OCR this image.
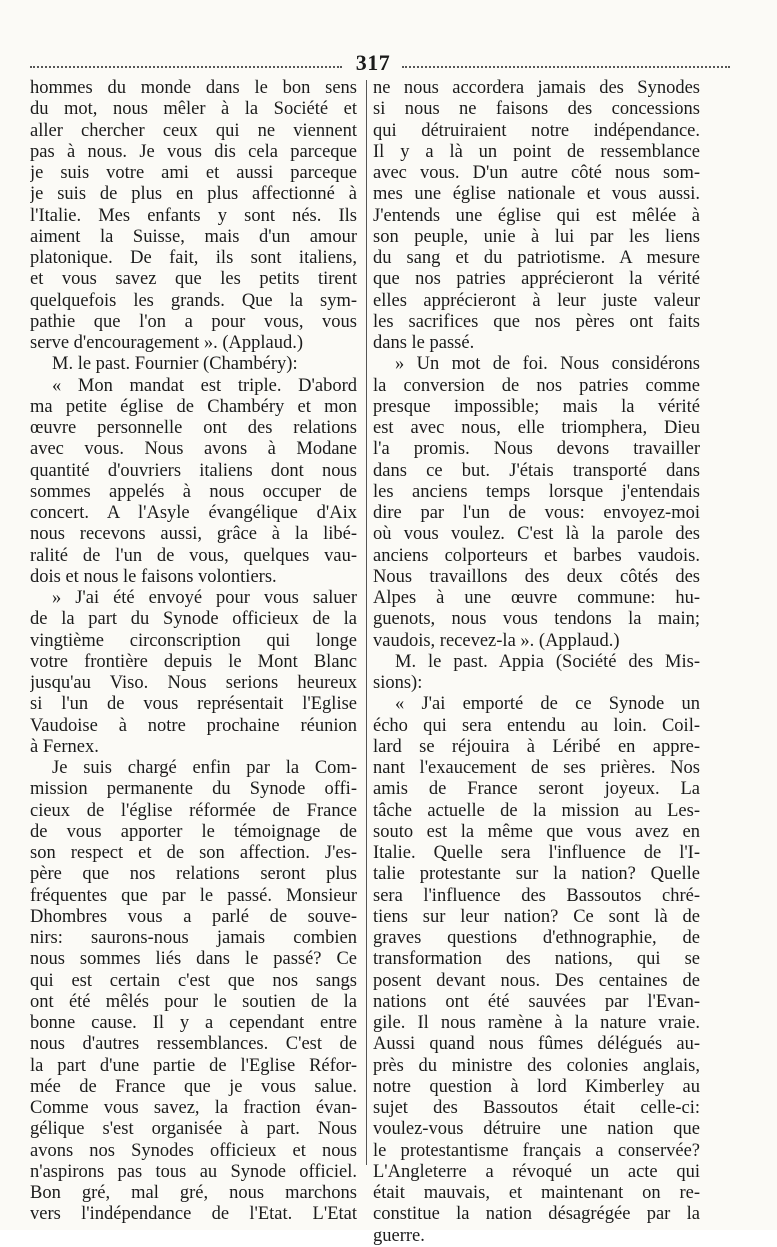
317
hommes du monde dans le bon sens
du mot, nous mêler à la Société et
aller chercher ceux qui ne viennent
pas à nous. Je vous dis cela parceque
je suis votre ami et aussi parceque
je suis de plus en plus affectionné à
l'Italie. Mes enfants y sont nés. Ils
aiment la Suisse, mais d'un amour
platonique. De fait, ils sont italiens,
et vous savez que les petits tirent
quelquefois les grands. Que la sym-
pathie que l'on a pour vous, vous
serve d'encouragement ». (Applaud.)
M. le past. Fournier (Chambéry):
« Mon mandat est triple. D'abord
ma petite église de Chambéry et mon
œuvre personnelle ont des relations
avec vous. Nous avons à Modane
quantité d'ouvriers italiens dont nous
sommes appelés à nous occuper de
concert. A l'Asyle évangélique d'Aix
nous recevons aussi, grâce à la libé-
ralité de l'un de vous, quelques vau-
dois et nous le faisons volontiers.
» J'ai été envoyé pour vous saluer
de la part du Synode officieux de la
vingtième circonscription qui longe
votre frontière depuis le Mont Blanc
jusqu'au Viso. Nous serions heureux
si l'un de vous représentait l'Eglise
Vaudoise à notre prochaine réunion
à Fernex.
Je suis chargé enfin par la Com-
mission permanente du Synode offi-
cieux de l'église réformée de France
de vous apporter le témoignage de
son respect et de son affection. J'es-
père que nos relations seront plus
fréquentes que par le passé. Monsieur
Dhombres vous a parlé de souve-
nirs: saurons-nous jamais combien
nous sommes liés dans le passé? Ce
qui est certain c'est que nos sangs
ont été mêlés pour le soutien de la
bonne cause. Il y a cependant entre
nous d'autres ressemblances. C'est de
la part d'une partie de l'Eglise Réfor-
mée de France que je vous salue.
Comme vous savez, la fraction évan-
gélique s'est organisée à part. Nous
avons nos Synodes officieux et nous
n'aspirons pas tous au Synode officiel.
Bon gré, mal gré, nous marchons
vers l'indépendance de l'Etat. L'Etat
ne nous accordera jamais des Synodes
si nous ne faisons des concessions
qui détruiraient notre indépendance.
Il y a là un point de ressemblance
avec vous. D'un autre côté nous som-
mes une église nationale et vous aussi.
J'entends une église qui est mêlée à
son peuple, unie à lui par les liens
du sang et du patriotisme. A mesure
que nos patries apprécieront la vérité
elles apprécieront à leur juste valeur
les sacrifices que nos pères ont faits
dans le passé.
» Un mot de foi. Nous considérons
la conversion de nos patries comme
presque impossible; mais la vérité
est avec nous, elle triomphera, Dieu
l'a promis. Nous devons travailler
dans ce but. J'étais transporté dans
les anciens temps lorsque j'entendais
dire par l'un de vous: envoyez-moi
où vous voulez. C'est là la parole des
anciens colporteurs et barbes vaudois.
Nous travaillons des deux côtés des
Alpes à une œuvre commune: hu-
guenots, nous vous tendons la main;
vaudois, recevez-la ». (Applaud.)
M. le past. Appia (Société des Mis-
sions):
« J'ai emporté de ce Synode un
écho qui sera entendu au loin. Coil-
lard se réjouira à Léribé en appre-
nant l'exaucement de ses prières. Nos
amis de France seront joyeux. La
tâche actuelle de la mission au Les-
souto est la même que vous avez en
Italie. Quelle sera l'influence de l'I-
talie protestante sur la nation? Quelle
sera l'influence des Bassoutos chré-
tiens sur leur nation? Ce sont là de
graves questions d'ethnographie, de
transformation des nations, qui se
posent devant nous. Des centaines de
nations ont été sauvées par l'Evan-
gile. Il nous ramène à la nature vraie.
Aussi quand nous fûmes délégués au-
près du ministre des colonies anglais,
notre question à lord Kimberley au
sujet des Bassoutos était celle-ci:
voulez-vous détruire une nation que
le protestantisme français a conservée?
L'Angleterre a révoqué un acte qui
était mauvais, et maintenant on re-
constitue la nation désagrégée par la
guerre.
